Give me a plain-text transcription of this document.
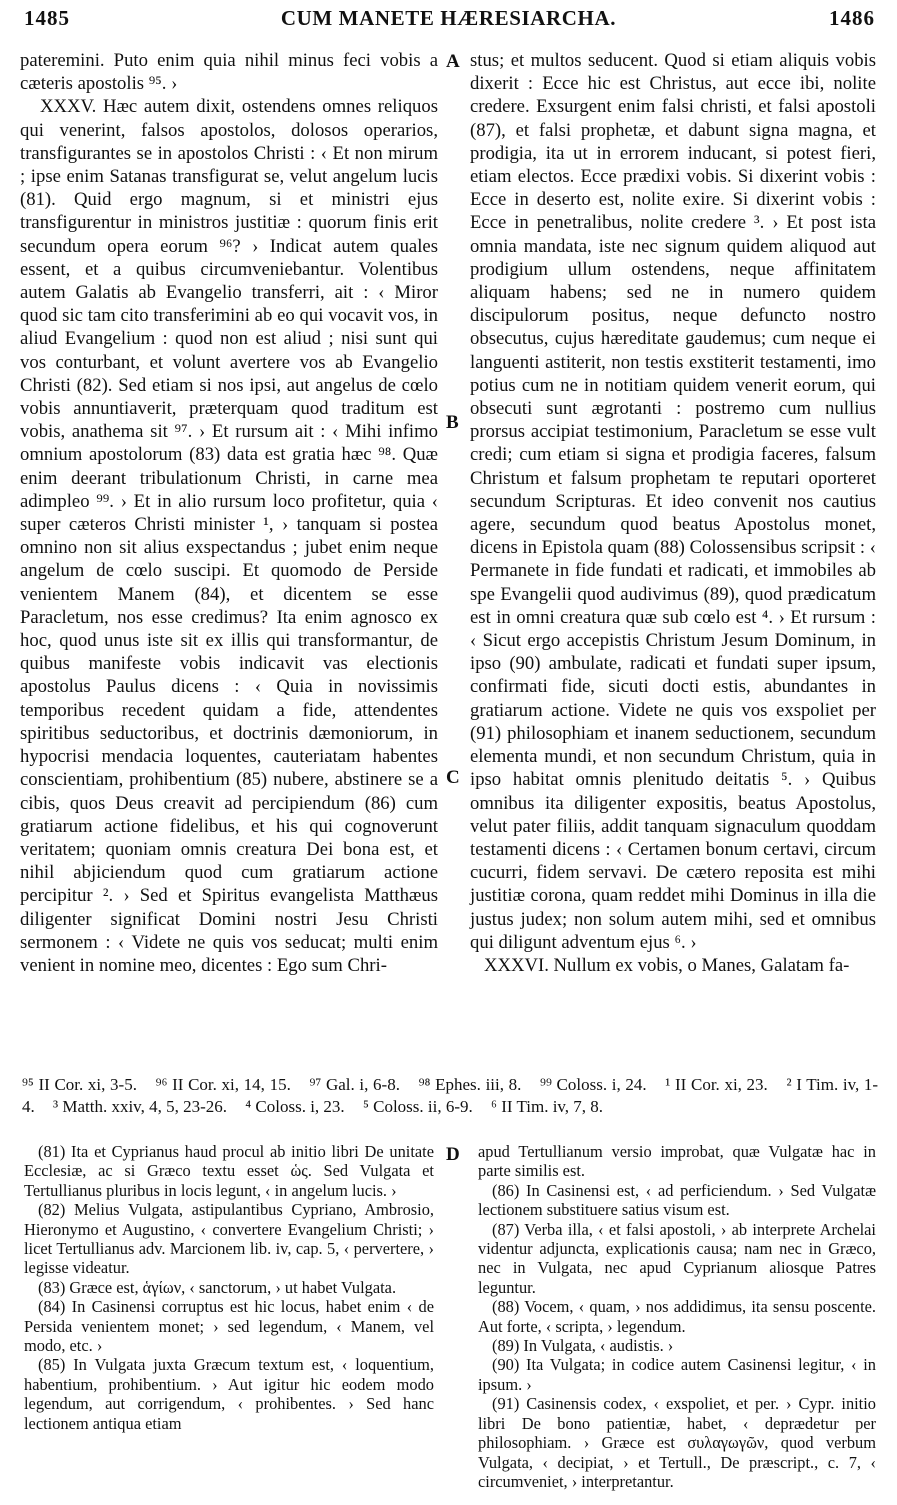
1485	CUM MANETE HÆRESIARCHA.	1486

pateremini. Puto enim quia nihil minus feci vobis a cæteris apostolis ⁹⁵. ›

XXXV. Hæc autem dixit, ostendens omnes reliquos qui venerint, falsos apostolos, dolosos operarios, transfigurantes se in apostolos Christi : ‹ Et non mirum ; ipse enim Satanas transfigurat se, velut angelum lucis (81). Quid ergo magnum, si et ministri ejus transfigurentur in ministros justitiæ : quorum finis erit secundum opera eorum ⁹⁶? › Indicat autem quales essent, et a quibus circumveniebantur. Volentibus autem Galatis ab Evangelio transferri, ait : ‹ Miror quod sic tam cito transferimini ab eo qui vocavit vos, in aliud Evangelium : quod non est aliud ; nisi sunt qui vos conturbant, et volunt avertere vos ab Evangelio Christi (82). Sed etiam si nos ipsi, aut angelus de cœlo vobis annuntiaverit, præterquam quod traditum est vobis, anathema sit ⁹⁷. › Et rursum ait : ‹ Mihi infimo omnium apostolorum (83) data est gratia hæc ⁹⁸. Quæ enim deerant tribulationum Christi, in carne mea adimpleo ⁹⁹. › Et in alio rursum loco profitetur, quia ‹ super cæteros Christi minister ¹, › tanquam si postea omnino non sit alius exspectandus ; jubet enim neque angelum de cœlo suscipi. Et quomodo de Perside venientem Manem (84), et dicentem se esse Paracletum, nos esse credimus? Ita enim agnosco ex hoc, quod unus iste sit ex illis qui transformantur, de quibus manifeste vobis indicavit vas electionis apostolus Paulus dicens : ‹ Quia in novissimis temporibus recedent quidam a fide, attendentes spiritibus seductoribus, et doctrinis dæmoniorum, in hypocrisi mendacia loquentes, cauteriatam habentes conscientiam, prohibentium (85) nubere, abstinere se a cibis, quos Deus creavit ad percipiendum (86) cum gratiarum actione fidelibus, et his qui cognoverunt veritatem; quoniam omnis creatura Dei bona est, et nihil abjiciendum quod cum gratiarum actione percipitur ². › Sed et Spiritus evangelista Matthæus diligenter significat Domini nostri Jesu Christi sermonem : ‹ Videte ne quis vos seducat; multi enim venient in nomine meo, dicentes : Ego sum Chri-

stus; et multos seducent. Quod si etiam aliquis vobis dixerit : Ecce hic est Christus, aut ecce ibi, nolite credere. Exsurgent enim falsi christi, et falsi apostoli (87), et falsi prophetæ, et dabunt signa magna, et prodigia, ita ut in errorem inducant, si potest fieri, etiam electos. Ecce prædixi vobis. Si dixerint vobis : Ecce in deserto est, nolite exire. Si dixerint vobis : Ecce in penetralibus, nolite credere ³. › Et post ista omnia mandata, iste nec signum quidem aliquod aut prodigium ullum ostendens, neque affinitatem aliquam habens; sed ne in numero quidem discipulorum positus, neque defuncto nostro obsecutus, cujus hæreditate gaudemus; cum neque ei languenti astiterit, non testis exstiterit testamenti, imo potius cum ne in notitiam quidem venerit eorum, qui obsecuti sunt ægrotanti : postremo cum nullius prorsus accipiat testimonium, Paracletum se esse vult credi; cum etiam si signa et prodigia faceres, falsum Christum et falsum prophetam te reputari oporteret secundum Scripturas. Et ideo convenit nos cautius agere, secundum quod beatus Apostolus monet, dicens in Epistola quam (88) Colossensibus scripsit : ‹ Permanete in fide fundati et radicati, et immobiles ab spe Evangelii quod audivimus (89), quod prædicatum est in omni creatura quæ sub cœlo est ⁴. › Et rursum : ‹ Sicut ergo accepistis Christum Jesum Dominum, in ipso (90) ambulate, radicati et fundati super ipsum, confirmati fide, sicuti docti estis, abundantes in gratiarum actione. Videte ne quis vos exspoliet per (91) philosophiam et inanem seductionem, secundum elementa mundi, et non secundum Christum, quia in ipso habitat omnis plenitudo deitatis ⁵. › Quibus omnibus ita diligenter expositis, beatus Apostolus, velut pater filiis, addit tanquam signaculum quoddam testamenti dicens : ‹ Certamen bonum certavi, circum cucurri, fidem servavi. De cætero reposita est mihi justitiæ corona, quam reddet mihi Dominus in illa die justus judex; non solum autem mihi, sed et omnibus qui diligunt adventum ejus ⁶. ›

XXXVI. Nullum ex vobis, o Manes, Galatam fa-

A
B
C
D
⁹⁵ II Cor. xi, 3-5. ⁹⁶ II Cor. xi, 14, 15. ⁹⁷ Gal. i, 6-8. ⁹⁸ Ephes. iii, 8. ⁹⁹ Coloss. i, 24. ¹ II Cor. xi, 23. ² I Tim. iv, 1-4. ³ Matth. xxiv, 4, 5, 23-26. ⁴ Coloss. i, 23. ⁵ Coloss. ii, 6-9. ⁶ II Tim. iv, 7, 8.

(81) Ita et Cyprianus haud procul ab initio libri De unitate Ecclesiæ, ac si Græco textu esset ὡς. Sed Vulgata et Tertullianus pluribus in locis legunt, ‹ in angelum lucis. ›

(82) Melius Vulgata, astipulantibus Cypriano, Ambrosio, Hieronymo et Augustino, ‹ convertere Evangelium Christi; › licet Tertullianus adv. Marcionem lib. iv, cap. 5, ‹ pervertere, › legisse videatur.

(83) Græce est, ἁγίων, ‹ sanctorum, › ut habet Vulgata.

(84) In Casinensi corruptus est hic locus, habet enim ‹ de Persida venientem monet; › sed legendum, ‹ Manem, vel modo, etc. ›

(85) In Vulgata juxta Græcum textum est, ‹ loquentium, habentium, prohibentium. › Aut igitur hic eodem modo legendum, aut corrigendum, ‹ prohibentes. › Sed hanc lectionem antiqua etiam

apud Tertullianum versio improbat, quæ Vulgatæ hac in parte similis est.

(86) In Casinensi est, ‹ ad perficiendum. › Sed Vulgatæ lectionem substituere satius visum est.

(87) Verba illa, ‹ et falsi apostoli, › ab interprete Archelai videntur adjuncta, explicationis causa; nam nec in Græco, nec in Vulgata, nec apud Cyprianum aliosque Patres leguntur.

(88) Vocem, ‹ quam, › nos addidimus, ita sensu poscente. Aut forte, ‹ scripta, › legendum.

(89) In Vulgata, ‹ audistis. ›

(90) Ita Vulgata; in codice autem Casinensi legitur, ‹ in ipsum. ›

(91) Casinensis codex, ‹ exspoliet, et per. › Cypr. initio libri De bono patientiæ, habet, ‹ deprædetur per philosophiam. › Græce est συλαγωγῶν, quod verbum Vulgata, ‹ decipiat, › et Tertull., De præscript., c. 7, ‹ circumveniet, › interpretantur.
